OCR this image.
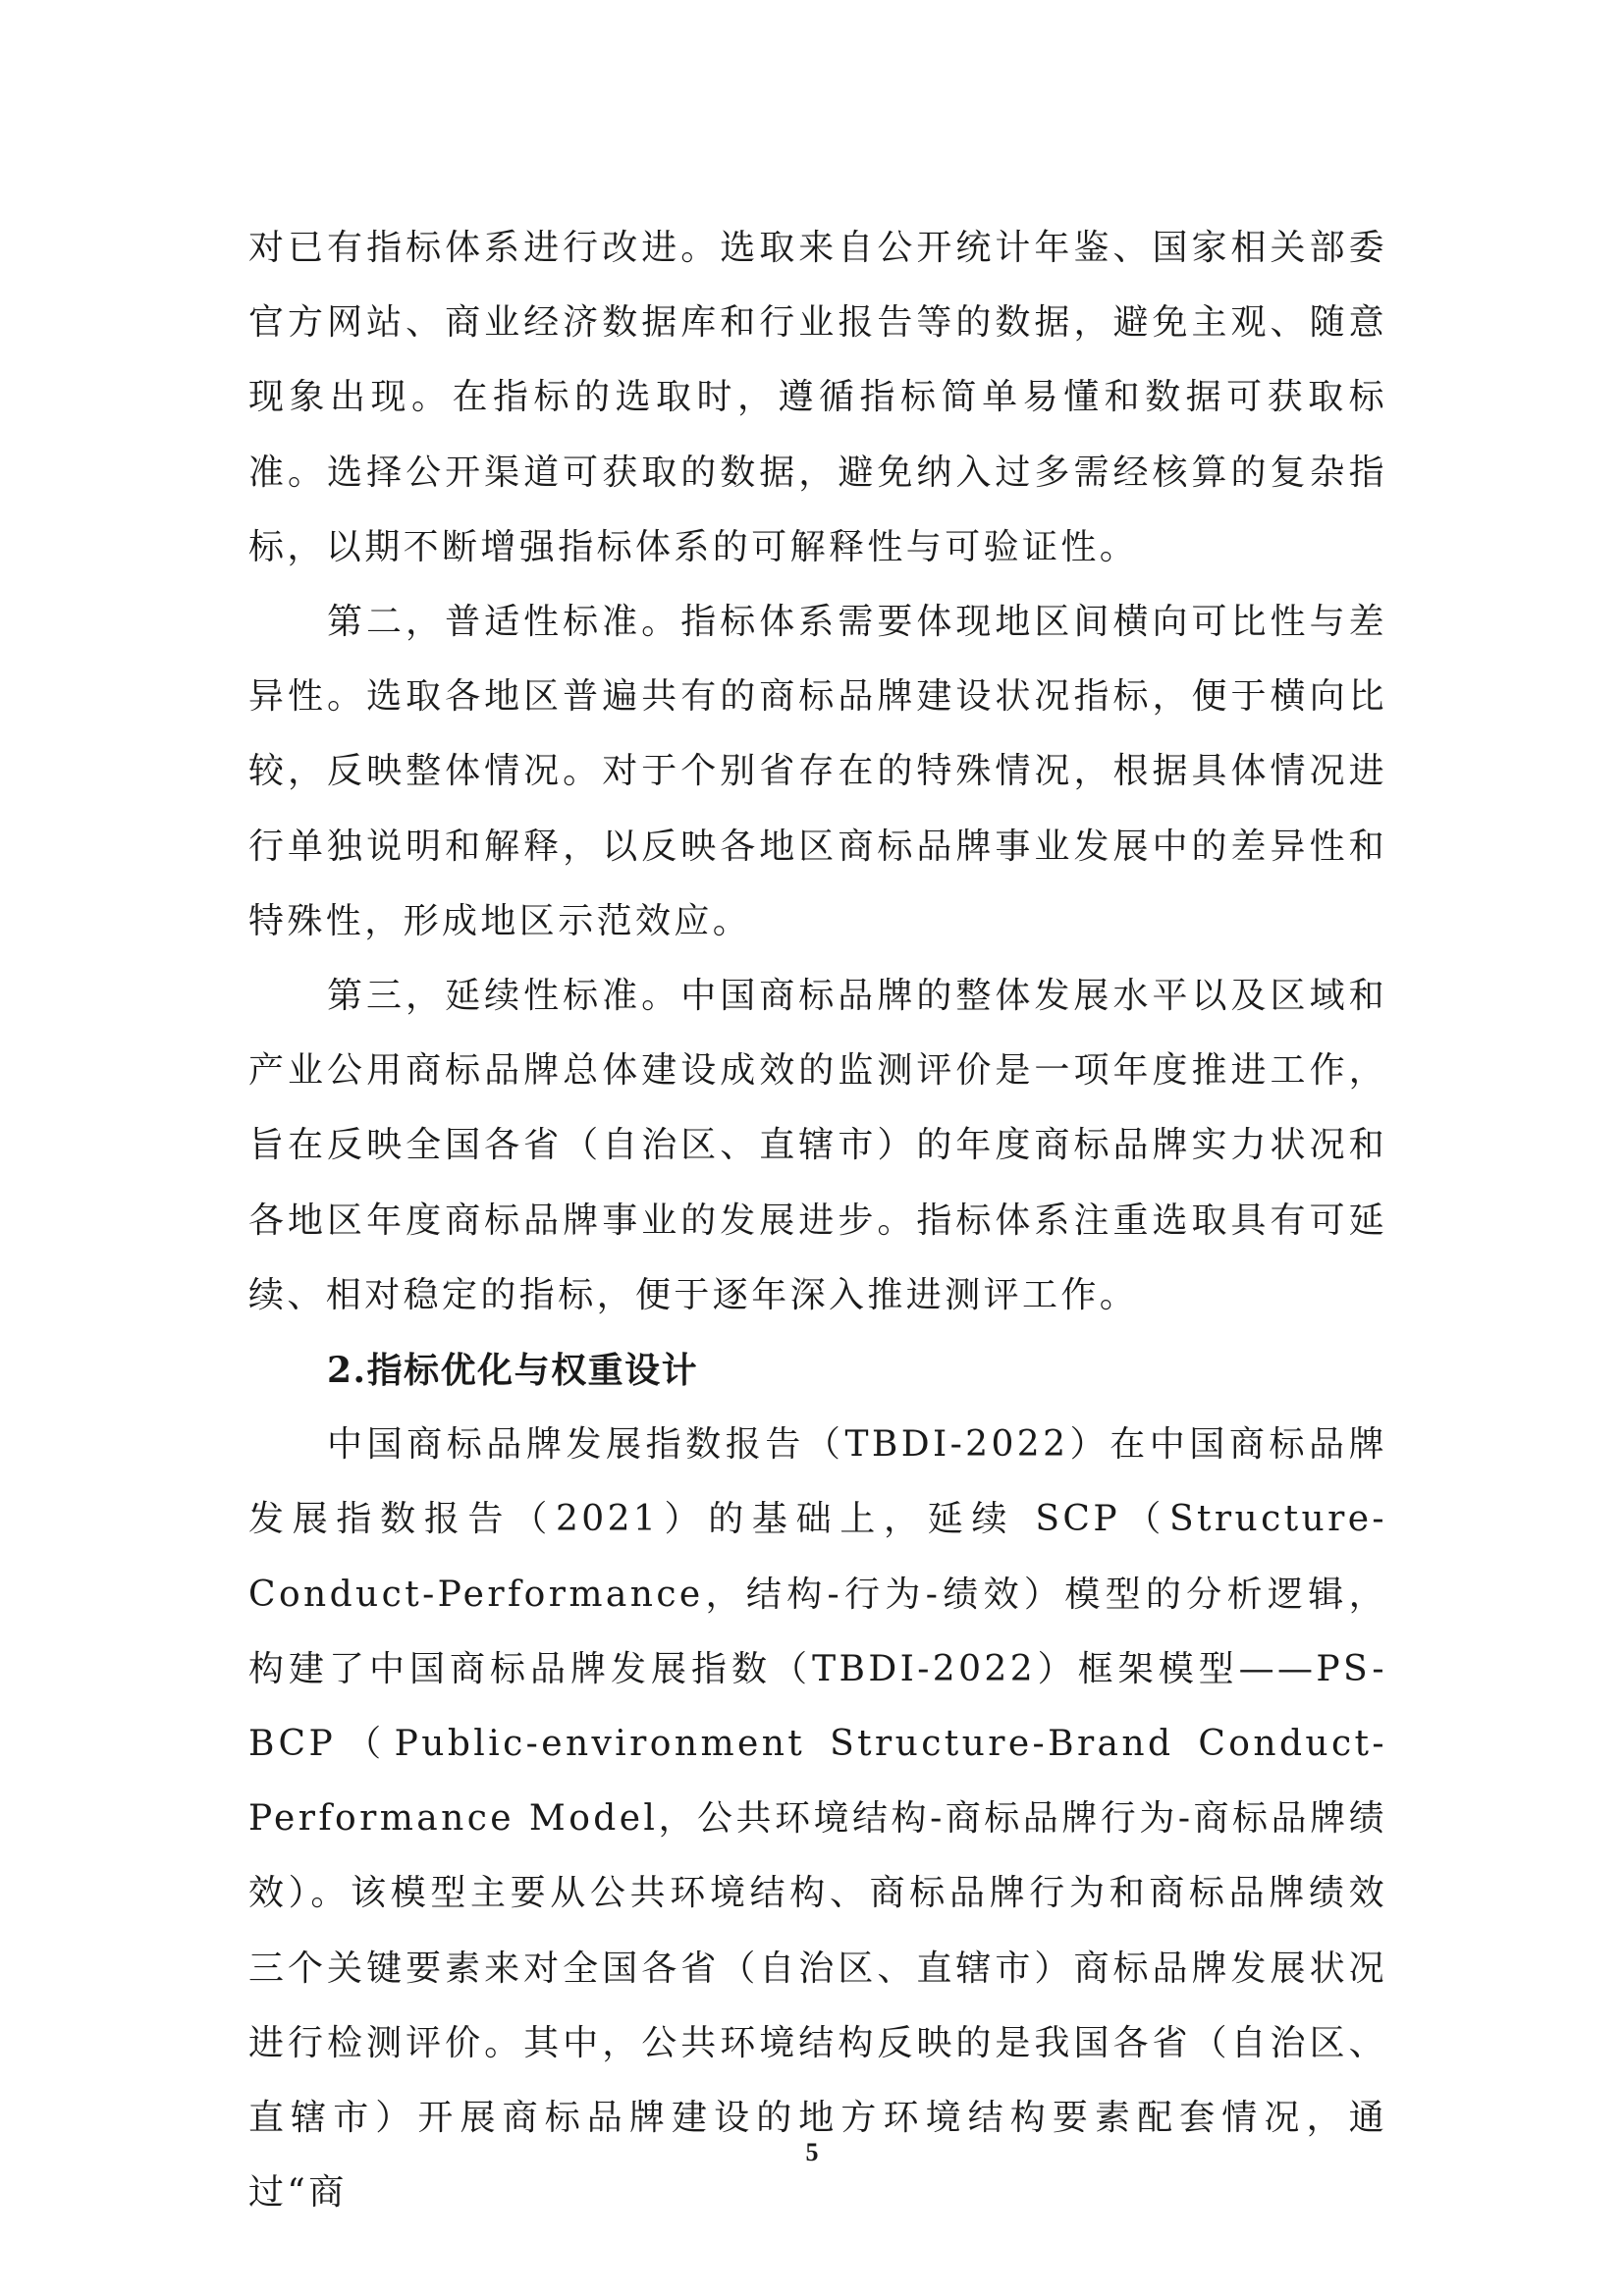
对已有指标体系进行改进。选取来自公开统计年鉴、国家相关部委官方网站、商业经济数据库和行业报告等的数据，避免主观、随意现象出现。在指标的选取时，遵循指标简单易懂和数据可获取标准。选择公开渠道可获取的数据，避免纳入过多需经核算的复杂指标，以期不断增强指标体系的可解释性与可验证性。

第二，普适性标准。指标体系需要体现地区间横向可比性与差异性。选取各地区普遍共有的商标品牌建设状况指标，便于横向比较，反映整体情况。对于个别省存在的特殊情况，根据具体情况进行单独说明和解释，以反映各地区商标品牌事业发展中的差异性和特殊性，形成地区示范效应。

第三，延续性标准。中国商标品牌的整体发展水平以及区域和产业公用商标品牌总体建设成效的监测评价是一项年度推进工作，旨在反映全国各省（自治区、直辖市）的年度商标品牌实力状况和各地区年度商标品牌事业的发展进步。指标体系注重选取具有可延续、相对稳定的指标，便于逐年深入推进测评工作。

2.指标优化与权重设计

中国商标品牌发展指数报告（TBDI-2022）在中国商标品牌发展指数报告（2021）的基础上，延续 SCP（Structure-Conduct-Performance，结构-行为-绩效）模型的分析逻辑，构建了中国商标品牌发展指数（TBDI-2022）框架模型——PS-BCP（Public-environment Structure-Brand Conduct-Performance Model，公共环境结构-商标品牌行为-商标品牌绩效）。该模型主要从公共环境结构、商标品牌行为和商标品牌绩效三个关键要素来对全国各省（自治区、直辖市）商标品牌发展状况进行检测评价。其中，公共环境结构反映的是我国各省（自治区、直辖市）开展商标品牌建设的地方环境结构要素配套情况，通过“商

5
